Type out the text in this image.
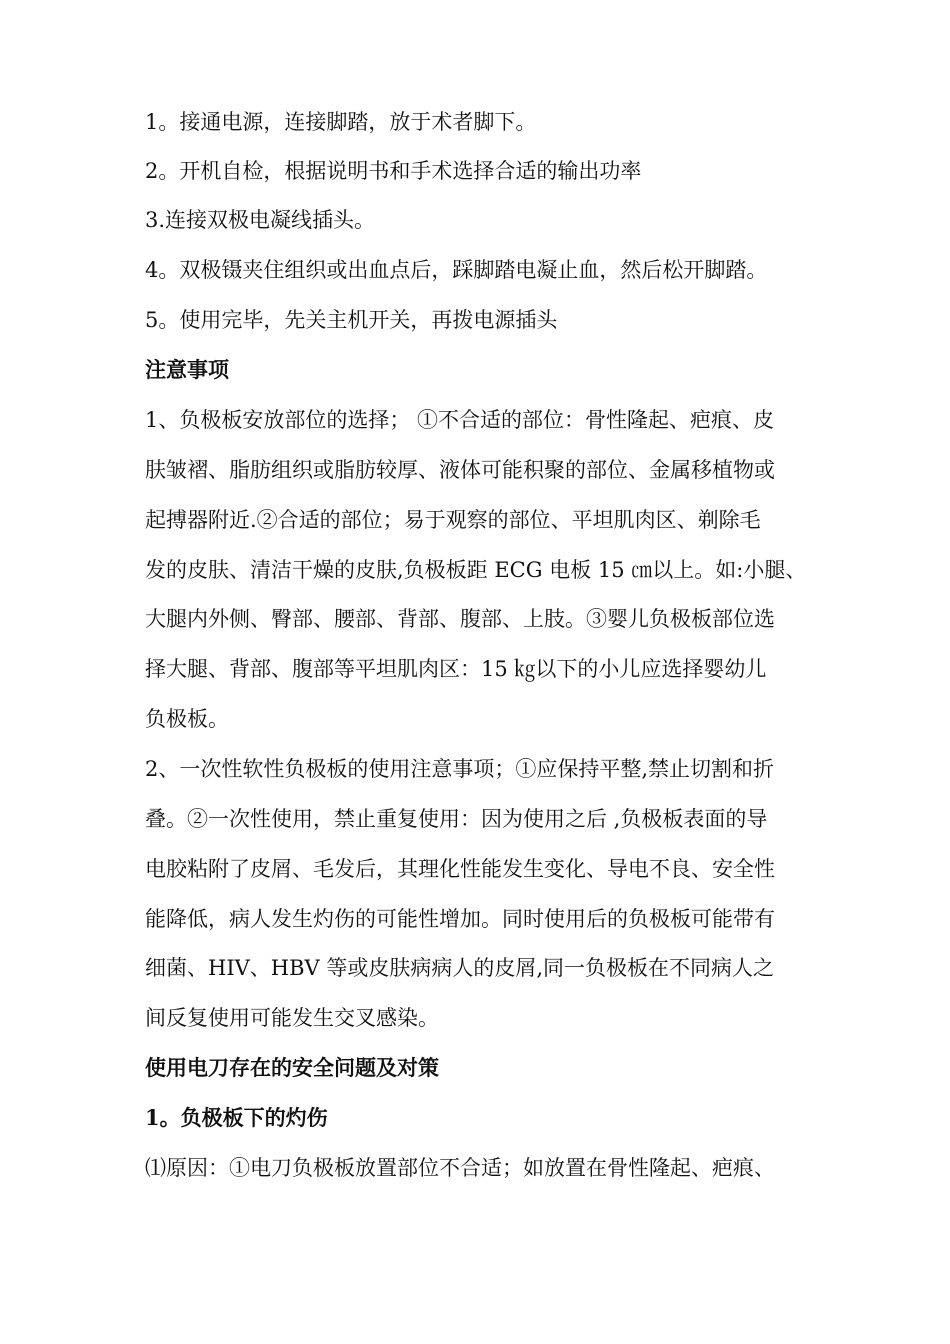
1。接通电源，连接脚踏，放于术者脚下。
2。开机自检，根据说明书和手术选择合适的输出功率
3.连接双极电凝线插头。
4。双极镊夹住组织或出血点后，踩脚踏电凝止血，然后松开脚踏。
5。使用完毕，先关主机开关，再拨电源插头
注意事项
1、负极板安放部位的选择； ①不合适的部位：骨性隆起、疤痕、皮
肤皱褶、脂肪组织或脂肪较厚、液体可能积聚的部位、金属移植物或
起搏器附近.②合适的部位；易于观察的部位、平坦肌肉区、剃除毛
发的皮肤、清洁干燥的皮肤,负极板距 ECG 电板 15 ㎝以上。如:小腿、
大腿内外侧、臀部、腰部、背部、腹部、上肢。③婴儿负极板部位选
择大腿、背部、腹部等平坦肌肉区：15 ㎏以下的小儿应选择婴幼儿
负极板。
2、一次性软性负极板的使用注意事项；①应保持平整,禁止切割和折
叠。②一次性使用，禁止重复使用：因为使用之后 ,负极板表面的导
电胶粘附了皮屑、毛发后，其理化性能发生变化、导电不良、安全性
能降低，病人发生灼伤的可能性增加。同时使用后的负极板可能带有
细菌、HIV、HBV 等或皮肤病病人的皮屑,同一负极板在不同病人之
间反复使用可能发生交叉感染。
使用电刀存在的安全问题及对策
1。负极板下的灼伤
⑴原因：①电刀负极板放置部位不合适；如放置在骨性隆起、疤痕、
